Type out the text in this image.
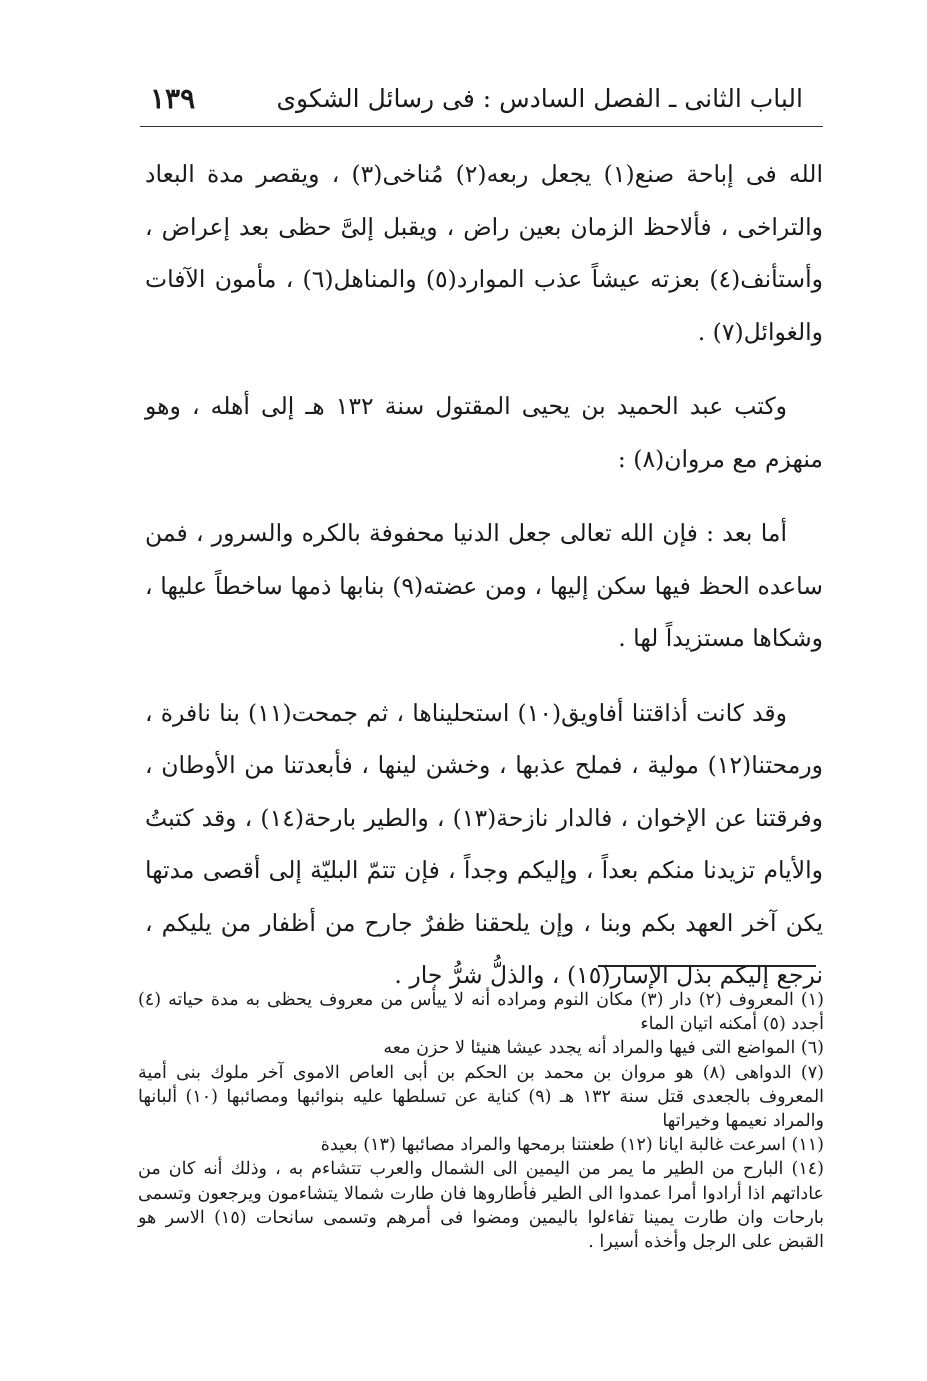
الباب الثانى ـ الفصل السادس : فى رسائل الشكوى
١٣٩

الله فى إباحة صنع(١) يجعل ربعه(٢) مُناخى(٣) ، ويقصر مدة البعاد والتراخى ، فألاحظ الزمان بعين راض ، ويقبل إلىَّ حظى بعد إعراض ، وأستأنف(٤) بعزته عيشاً عذب الموارد(٥) والمناهل(٦) ، مأمون الآفات والغوائل(٧) .

وكتب عبد الحميد بن يحيى المقتول سنة ١٣٢ هـ إلى أهله ، وهو منهزم مع مروان(٨) :

أما بعد : فإن الله تعالى جعل الدنيا محفوفة بالكره والسرور ، فمن ساعده الحظ فيها سكن إليها ، ومن عضته(٩) بنابها ذمها ساخطاً عليها ، وشكاها مستزيداً لها .

وقد كانت أذاقتنا أفاويق(١٠) استحليناها ، ثم جمحت(١١) بنا نافرة ، ورمحتنا(١٢) مولية ، فملح عذبها ، وخشن لينها ، فأبعدتنا من الأوطان ، وفرقتنا عن الإخوان ، فالدار نازحة(١٣) ، والطير بارحة(١٤) ، وقد كتبتُ والأيام تزيدنا منكم بعداً ، وإليكم وجداً ، فإن تتمّ البليّة إلى أقصى مدتها يكن آخر العهد بكم وبنا ، وإن يلحقنا ظفرٌ جارح من أظفار من يليكم ، نرجع إليكم بذل الإسار(١٥) ، والذلُّ شرُّ جار .

(١) المعروف (٢) دار (٣) مكان النوم ومراده أنه لا ييأس من معروف يحظى به مدة حياته (٤) أجدد (٥) أمكنه اتيان الماء

(٦) المواضع التى فيها والمراد أنه يجدد عيشا هنيئا لا حزن معه

(٧) الدواهى (٨) هو مروان بن محمد بن الحكم بن أبى العاص الاموى آخر ملوك بنى أمية المعروف بالجعدى قتل سنة ١٣٢ هـ (٩) كناية عن تسلطها عليه بنوائبها ومصائبها (١٠) ألبانها والمراد نعيمها وخيراتها

(١١) اسرعت غالبة ايانا (١٢) طعنتنا برمحها والمراد مصائبها (١٣) بعيدة

(١٤) البارح من الطير ما يمر من اليمين الى الشمال والعرب تتشاءم به ، وذلك أنه كان من عاداتهم اذا أرادوا أمرا عمدوا الى الطير فأطاروها فان طارت شمالا يتشاءمون ويرجعون وتسمى بارحات وان طارت يمينا تفاءلوا باليمين ومضوا فى أمرهم وتسمى سانحات (١٥) الاسر هو القبض على الرجل وأخذه أسيرا .
